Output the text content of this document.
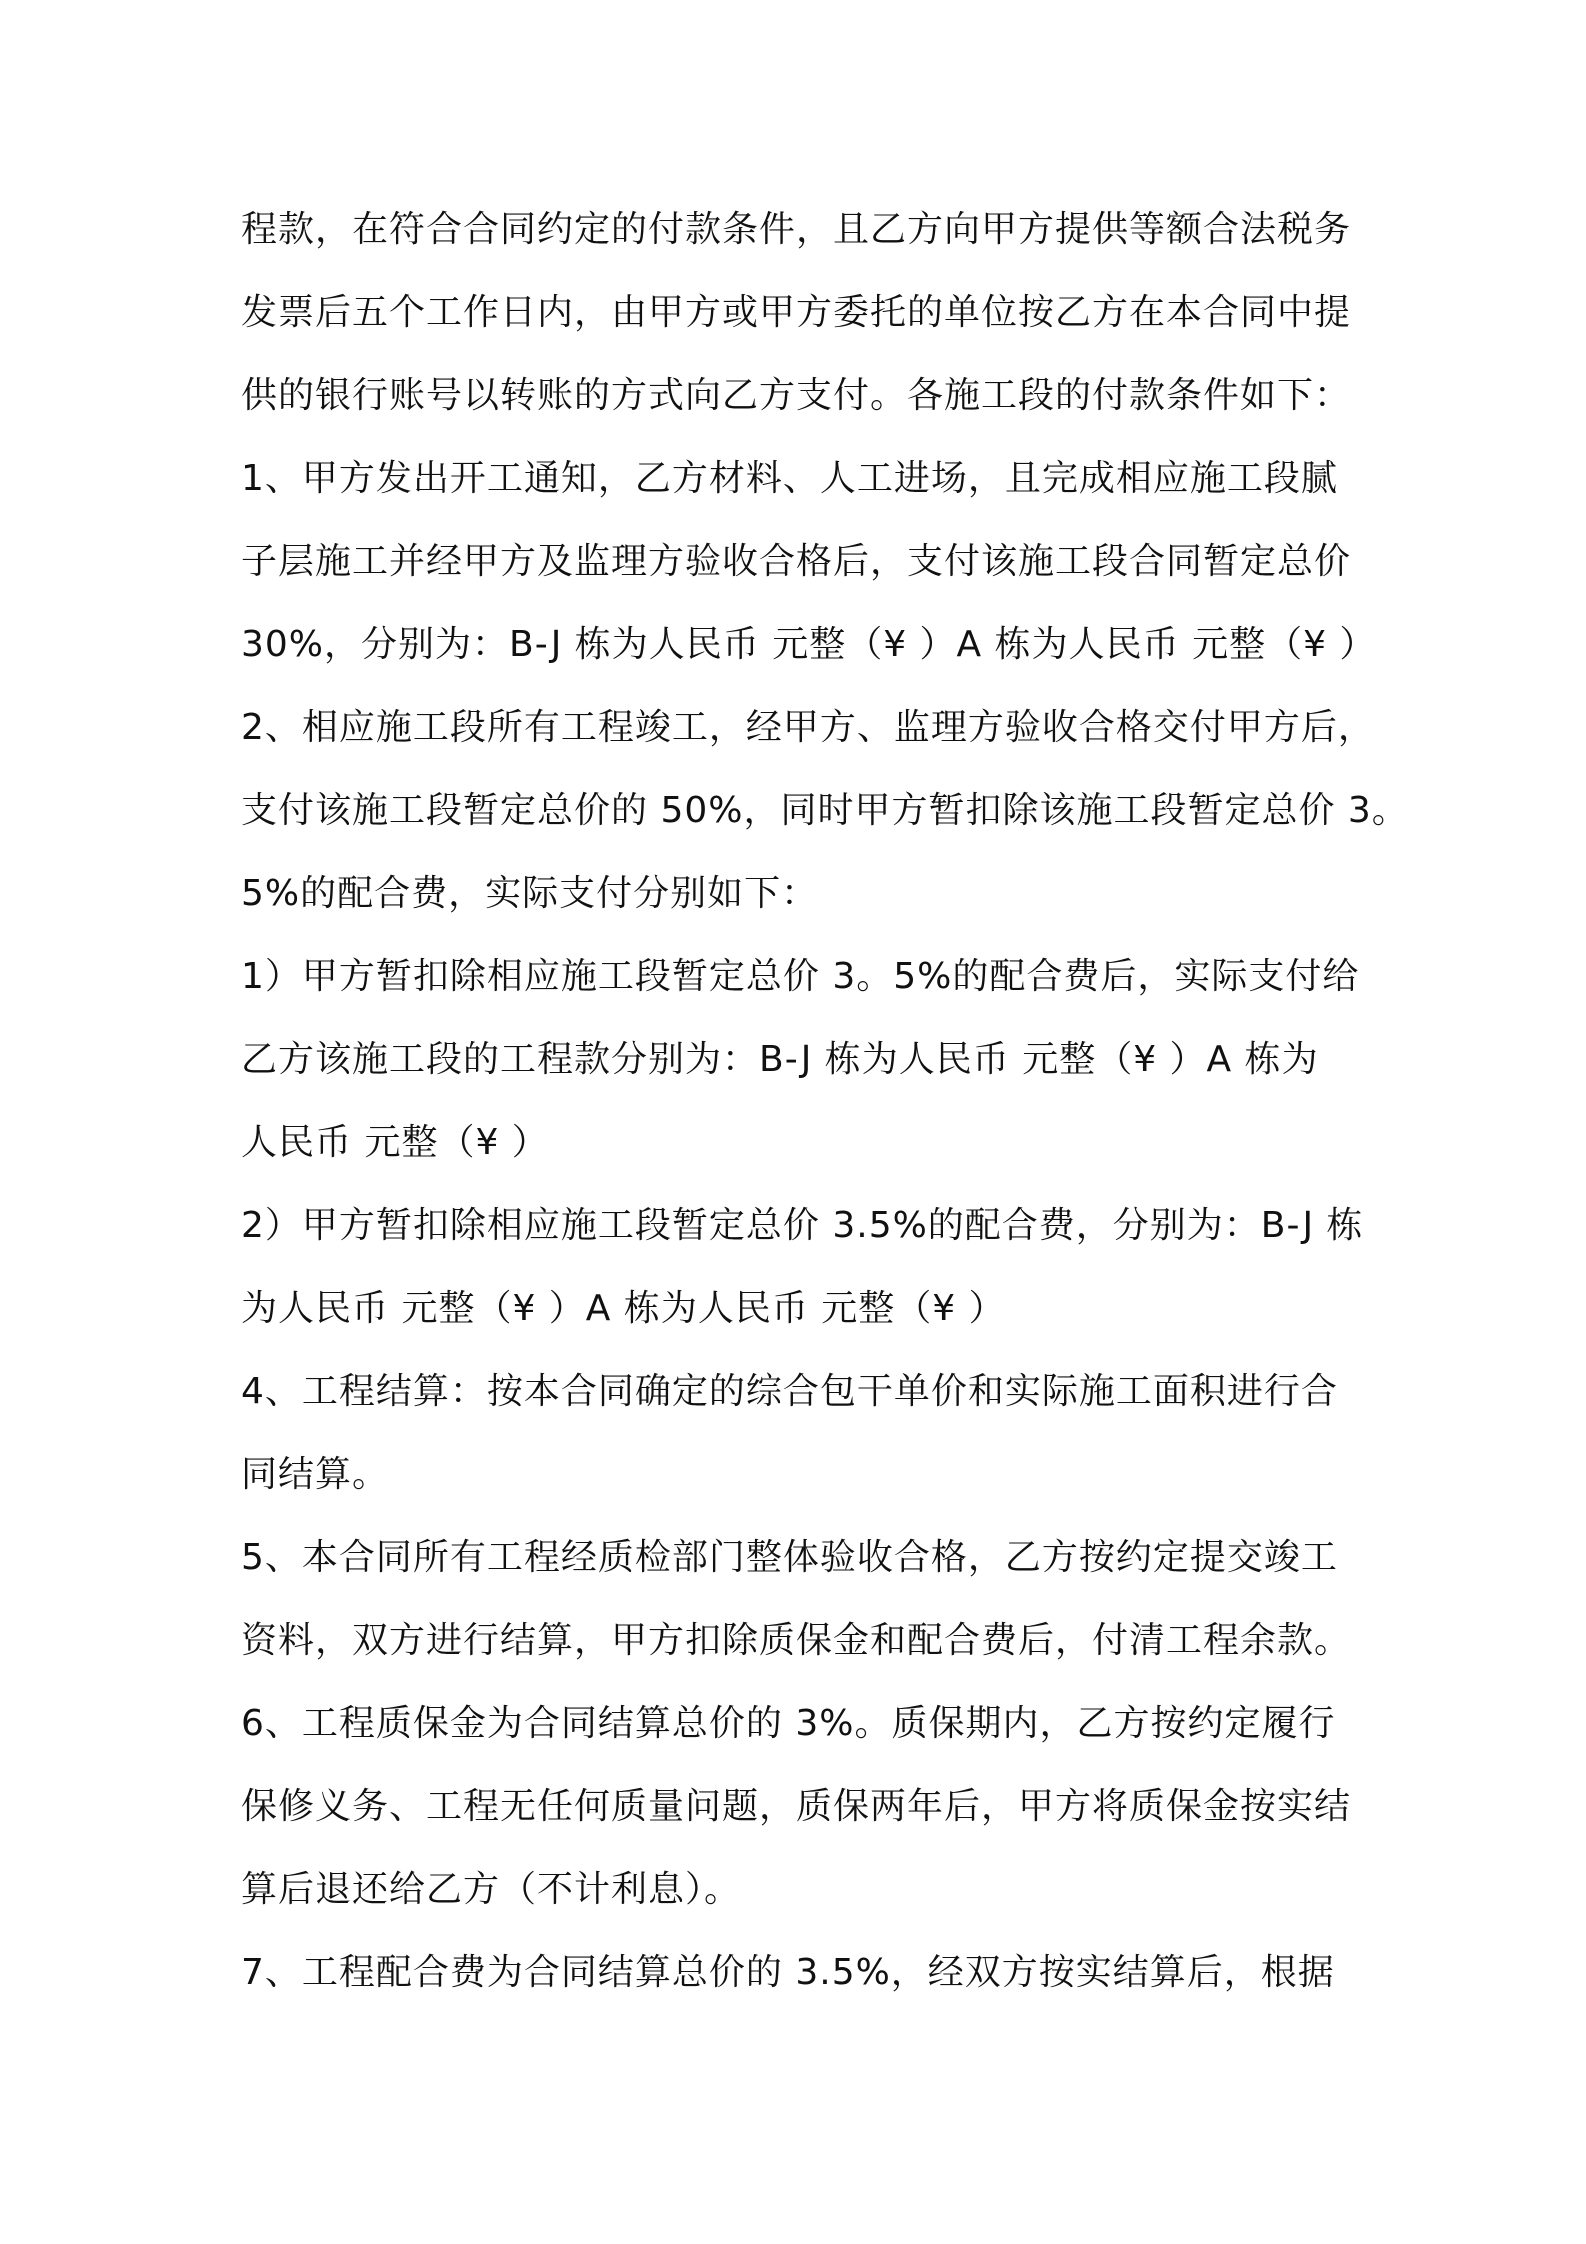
程款，在符合合同约定的付款条件，且乙方向甲方提供等额合法税务
发票后五个工作日内，由甲方或甲方委托的单位按乙方在本合同中提
供的银行账号以转账的方式向乙方支付。各施工段的付款条件如下：
1、甲方发出开工通知，乙方材料、人工进场，且完成相应施工段腻
子层施工并经甲方及监理方验收合格后，支付该施工段合同暂定总价
30%，分别为：B-J 栋为人民币 元整（¥ ）A 栋为人民币 元整（¥ ）
2、相应施工段所有工程竣工，经甲方、监理方验收合格交付甲方后，
支付该施工段暂定总价的 50%，同时甲方暂扣除该施工段暂定总价 3。
5%的配合费，实际支付分别如下：
1）甲方暂扣除相应施工段暂定总价 3。5%的配合费后，实际支付给
乙方该施工段的工程款分别为：B-J 栋为人民币 元整（¥ ）A 栋为
人民币 元整（¥ ）
2）甲方暂扣除相应施工段暂定总价 3.5%的配合费，分别为：B-J 栋
为人民币 元整（¥ ）A 栋为人民币 元整（¥ ）
4、工程结算：按本合同确定的综合包干单价和实际施工面积进行合
同结算。
5、本合同所有工程经质检部门整体验收合格，乙方按约定提交竣工
资料，双方进行结算，甲方扣除质保金和配合费后，付清工程余款。
6、工程质保金为合同结算总价的 3%。质保期内，乙方按约定履行
保修义务、工程无任何质量问题，质保两年后，甲方将质保金按实结
算后退还给乙方（不计利息）。
7、工程配合费为合同结算总价的 3.5%，经双方按实结算后，根据
